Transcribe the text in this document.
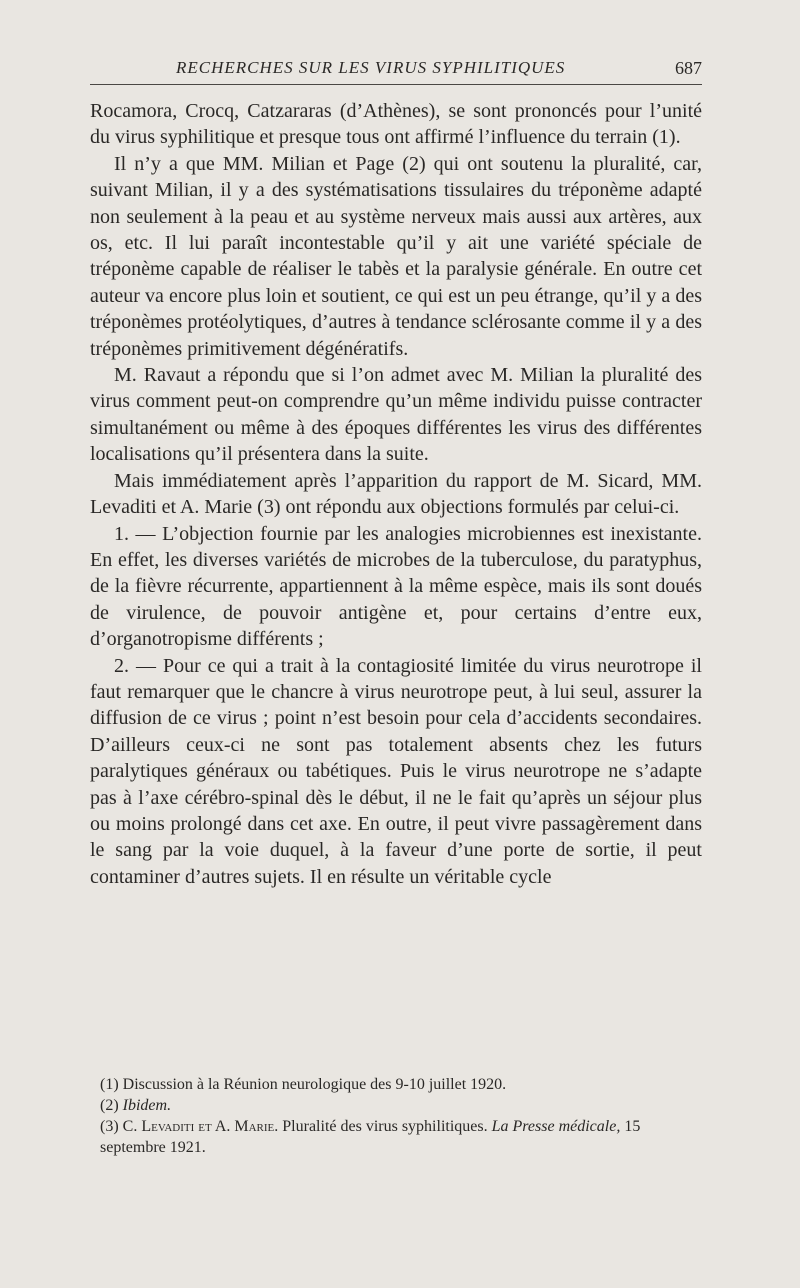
RECHERCHES SUR LES VIRUS SYPHILITIQUES	687

Rocamora, Crocq, Catzararas (d’Athènes), se sont prononcés pour l’unité du virus syphilitique et presque tous ont affirmé l’influence du terrain (1).

Il n’y a que MM. Milian et Page (2) qui ont soutenu la pluralité, car, suivant Milian, il y a des systématisations tissulaires du tréponème adapté non seulement à la peau et au système nerveux mais aussi aux artères, aux os, etc. Il lui paraît incontestable qu’il y ait une variété spéciale de tréponème capable de réaliser le tabès et la paralysie générale. En outre cet auteur va encore plus loin et soutient, ce qui est un peu étrange, qu’il y a des tréponèmes protéolytiques, d’autres à tendance sclérosante comme il y a des tréponèmes primitivement dégénératifs.

M. Ravaut a répondu que si l’on admet avec M. Milian la pluralité des virus comment peut-on comprendre qu’un même individu puisse contracter simultanément ou même à des époques différentes les virus des différentes localisations qu’il présentera dans la suite.

Mais immédiatement après l’apparition du rapport de M. Sicard, MM. Levaditi et A. Marie (3) ont répondu aux objections formulés par celui-ci.

1. — L’objection fournie par les analogies microbiennes est inexistante. En effet, les diverses variétés de microbes de la tuberculose, du paratyphus, de la fièvre récurrente, appartiennent à la même espèce, mais ils sont doués de virulence, de pouvoir antigène et, pour certains d’entre eux, d’organotropisme différents ;

2. — Pour ce qui a trait à la contagiosité limitée du virus neurotrope il faut remarquer que le chancre à virus neurotrope peut, à lui seul, assurer la diffusion de ce virus ; point n’est besoin pour cela d’accidents secondaires. D’ailleurs ceux-ci ne sont pas totalement absents chez les futurs paralytiques généraux ou tabétiques. Puis le virus neurotrope ne s’adapte pas à l’axe cérébro-spinal dès le début, il ne le fait qu’après un séjour plus ou moins prolongé dans cet axe. En outre, il peut vivre passagèrement dans le sang par la voie duquel, à la faveur d’une porte de sortie, il peut contaminer d’autres sujets. Il en résulte un véritable cycle

(1) Discussion à la Réunion neurologique des 9-10 juillet 1920.

(2) Ibidem.

(3) C. Levaditi et A. Marie. Pluralité des virus syphilitiques. La Presse médicale, 15 septembre 1921.
